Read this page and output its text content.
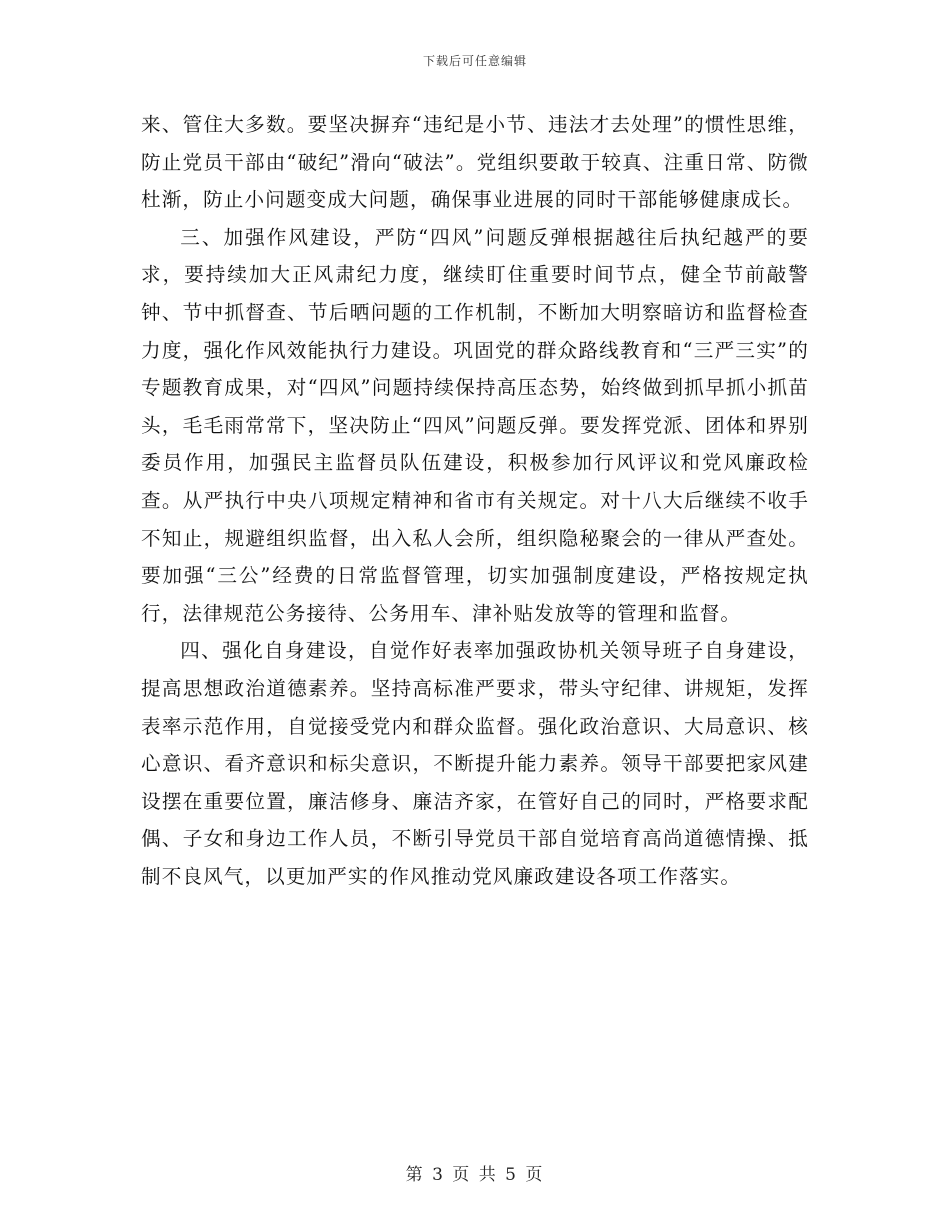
下载后可任意编辑

来、管住大多数。要坚决摒弃“违纪是小节、违法才去处理”的惯性思维，防止党员干部由“破纪”滑向“破法”。党组织要敢于较真、注重日常、防微杜渐，防止小问题变成大问题，确保事业进展的同时干部能够健康成长。

三、加强作风建设，严防“四风”问题反弹根据越往后执纪越严的要求，要持续加大正风肃纪力度，继续盯住重要时间节点，健全节前敲警钟、节中抓督查、节后晒问题的工作机制，不断加大明察暗访和监督检查力度，强化作风效能执行力建设。巩固党的群众路线教育和“三严三实”的专题教育成果，对“四风”问题持续保持高压态势，始终做到抓早抓小抓苗头，毛毛雨常常下，坚决防止“四风”问题反弹。要发挥党派、团体和界别委员作用，加强民主监督员队伍建设，积极参加行风评议和党风廉政检查。从严执行中央八项规定精神和省市有关规定。对十八大后继续不收手不知止，规避组织监督，出入私人会所，组织隐秘聚会的一律从严查处。要加强“三公”经费的日常监督管理，切实加强制度建设，严格按规定执行，法律规范公务接待、公务用车、津补贴发放等的管理和监督。

四、强化自身建设，自觉作好表率加强政协机关领导班子自身建设，提高思想政治道德素养。坚持高标准严要求，带头守纪律、讲规矩，发挥表率示范作用，自觉接受党内和群众监督。强化政治意识、大局意识、核心意识、看齐意识和标尖意识，不断提升能力素养。领导干部要把家风建设摆在重要位置，廉洁修身、廉洁齐家，在管好自己的同时，严格要求配偶、子女和身边工作人员，不断引导党员干部自觉培育高尚道德情操、抵制不良风气，以更加严实的作风推动党风廉政建设各项工作落实。

第 3 页 共 5 页
